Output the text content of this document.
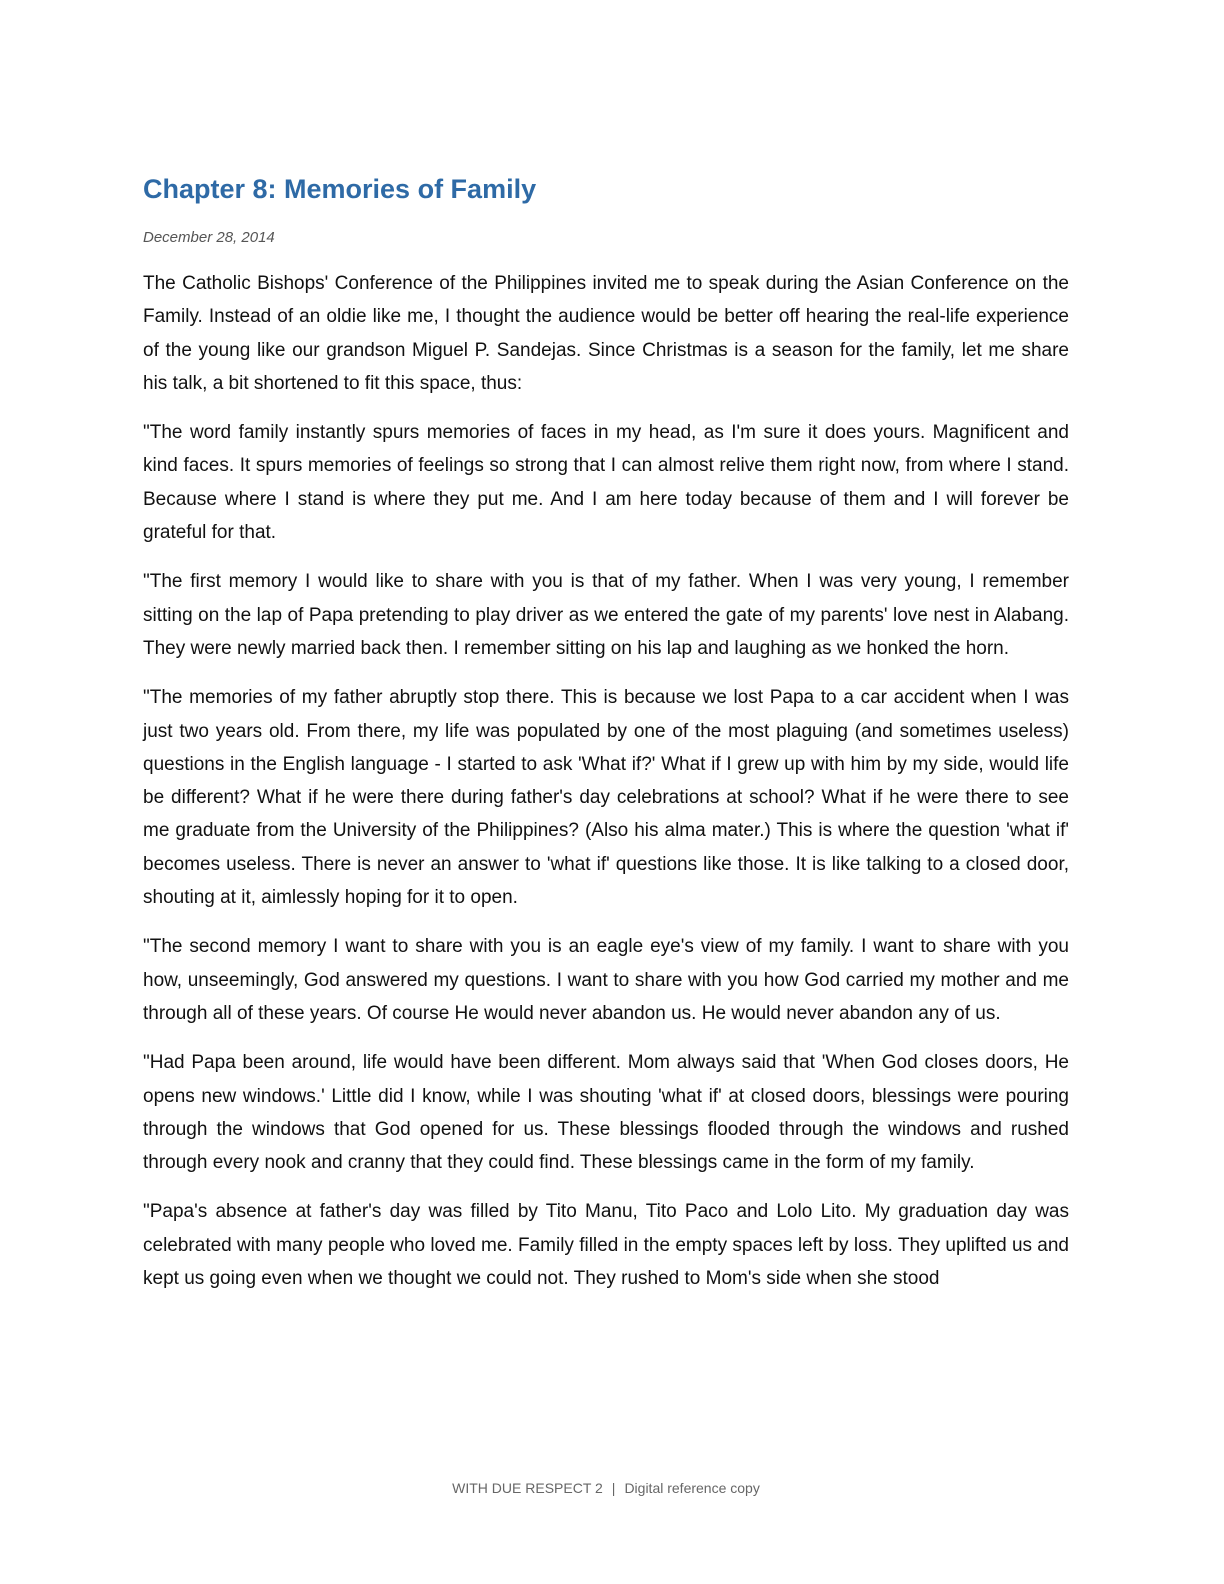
Chapter 8: Memories of Family
December 28, 2014

The Catholic Bishops' Conference of the Philippines invited me to speak during the Asian Conference on the Family. Instead of an oldie like me, I thought the audience would be better off hearing the real-life experience of the young like our grandson Miguel P. Sandejas. Since Christmas is a season for the family, let me share his talk, a bit shortened to fit this space, thus:

"The word family instantly spurs memories of faces in my head, as I'm sure it does yours. Magnificent and kind faces. It spurs memories of feelings so strong that I can almost relive them right now, from where I stand. Because where I stand is where they put me. And I am here today because of them and I will forever be grateful for that.

"The first memory I would like to share with you is that of my father. When I was very young, I remember sitting on the lap of Papa pretending to play driver as we entered the gate of my parents' love nest in Alabang. They were newly married back then. I remember sitting on his lap and laughing as we honked the horn.

"The memories of my father abruptly stop there. This is because we lost Papa to a car accident when I was just two years old. From there, my life was populated by one of the most plaguing (and sometimes useless) questions in the English language - I started to ask 'What if?' What if I grew up with him by my side, would life be different? What if he were there during father's day celebrations at school? What if he were there to see me graduate from the University of the Philippines? (Also his alma mater.) This is where the question 'what if' becomes useless. There is never an answer to 'what if' questions like those. It is like talking to a closed door, shouting at it, aimlessly hoping for it to open.

"The second memory I want to share with you is an eagle eye's view of my family. I want to share with you how, unseemingly, God answered my questions. I want to share with you how God carried my mother and me through all of these years. Of course He would never abandon us. He would never abandon any of us.

"Had Papa been around, life would have been different. Mom always said that 'When God closes doors, He opens new windows.' Little did I know, while I was shouting 'what if' at closed doors, blessings were pouring through the windows that God opened for us. These blessings flooded through the windows and rushed through every nook and cranny that they could find. These blessings came in the form of my family.

"Papa's absence at father's day was filled by Tito Manu, Tito Paco and Lolo Lito. My graduation day was celebrated with many people who loved me. Family filled in the empty spaces left by loss. They uplifted us and kept us going even when we thought we could not. They rushed to Mom's side when she stood

WITH DUE RESPECT 2 | Digital reference copy
